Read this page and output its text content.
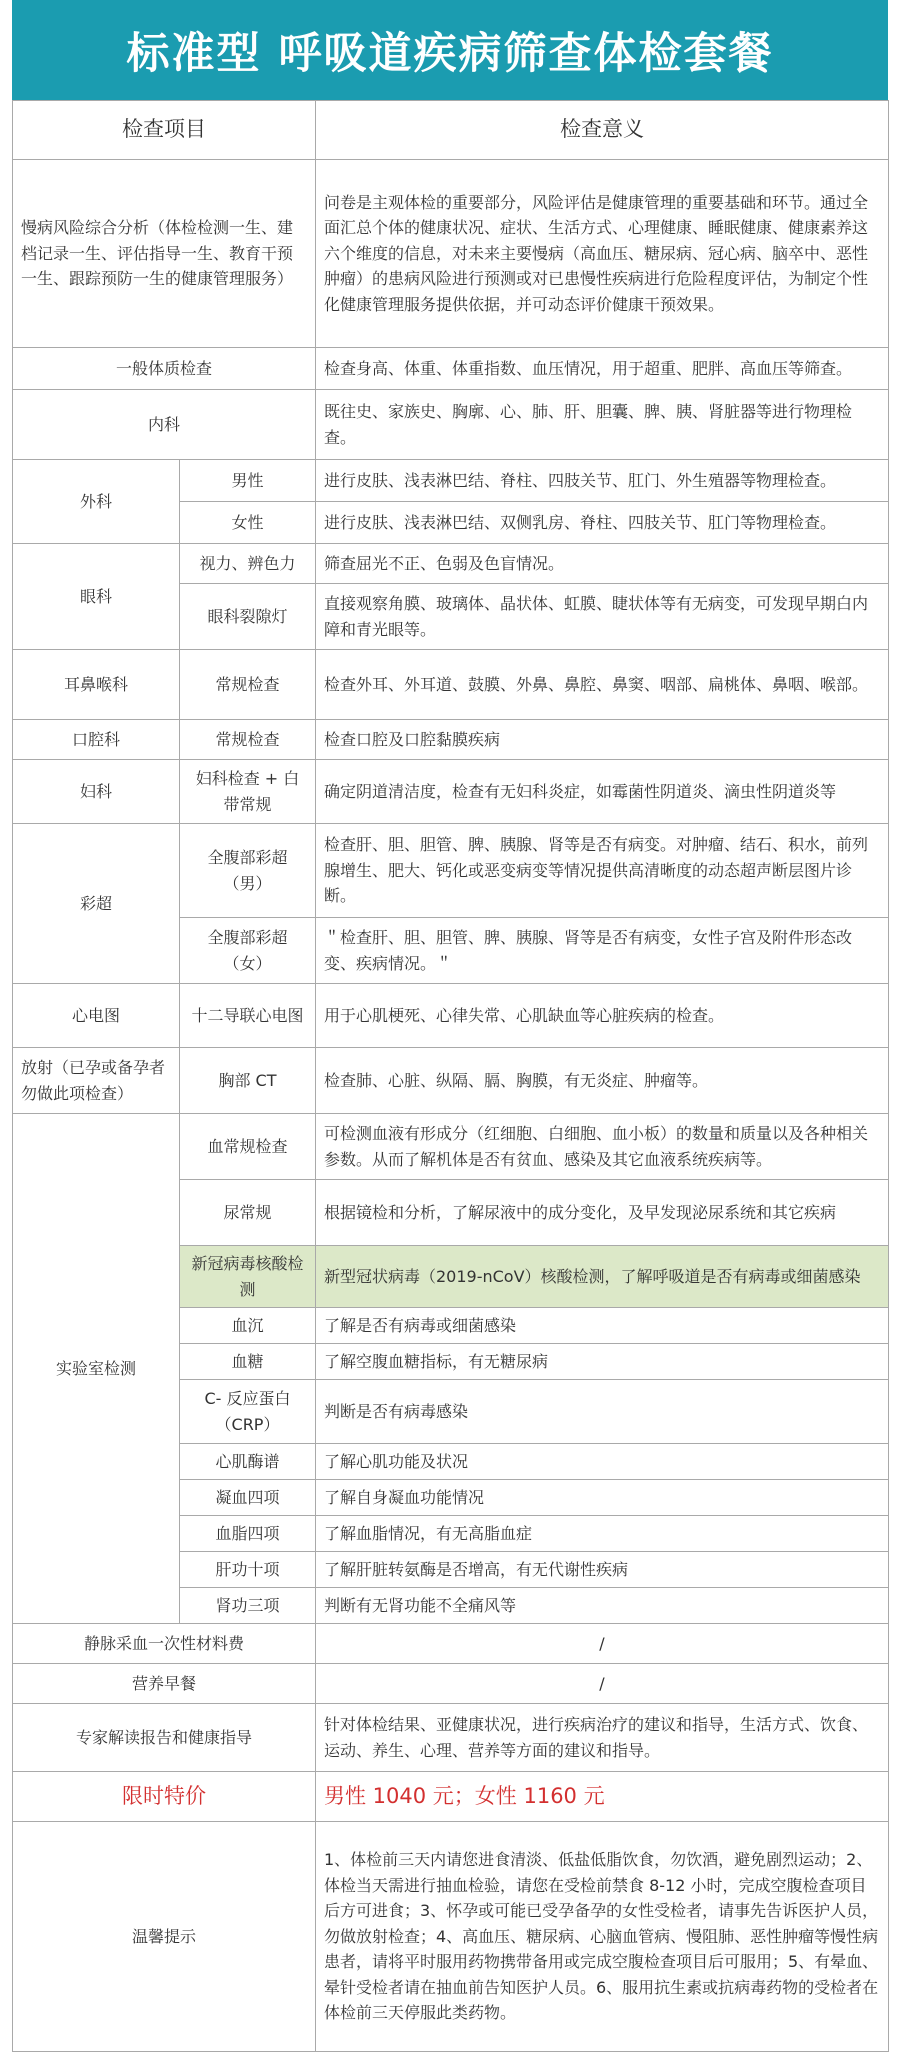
标准型 呼吸道疾病筛查体检套餐
检查项目		检查意义
慢病风险综合分析（体检检测一生、建档记录一生、评估指导一生、教育干预一生、跟踪预防一生的健康管理服务）		问卷是主观体检的重要部分，风险评估是健康管理的重要基础和环节。通过全面汇总个体的健康状况、症状、生活方式、心理健康、睡眠健康、健康素养这六个维度的信息，对未来主要慢病（高血压、糖尿病、冠心病、脑卒中、恶性肿瘤）的患病风险进行预测或对已患慢性疾病进行危险程度评估，为制定个性化健康管理服务提供依据，并可动态评价健康干预效果。
一般体质检查		检查身高、体重、体重指数、血压情况，用于超重、肥胖、高血压等筛查。
内科		既往史、家族史、胸廓、心、肺、肝、胆囊、脾、胰、肾脏器等进行物理检查。
外科	男性	进行皮肤、浅表淋巴结、脊柱、四肢关节、肛门、外生殖器等物理检查。
	女性	进行皮肤、浅表淋巴结、双侧乳房、脊柱、四肢关节、肛门等物理检查。
眼科	视力、辨色力	筛查屈光不正、色弱及色盲情况。
	眼科裂隙灯	直接观察角膜、玻璃体、晶状体、虹膜、睫状体等有无病变，可发现早期白内障和青光眼等。
耳鼻喉科	常规检查	检查外耳、外耳道、鼓膜、外鼻、鼻腔、鼻窦、咽部、扁桃体、鼻咽、喉部。
口腔科	常规检查	检查口腔及口腔黏膜疾病
妇科	妇科检查 + 白带常规	确定阴道清洁度，检查有无妇科炎症，如霉菌性阴道炎、滴虫性阴道炎等
彩超	全腹部彩超（男）	检查肝、胆、胆管、脾、胰腺、肾等是否有病变。对肿瘤、结石、积水，前列腺增生、肥大、钙化或恶变病变等情况提供高清晰度的动态超声断层图片诊断。
	全腹部彩超（女）	＂检查肝、胆、胆管、脾、胰腺、肾等是否有病变，女性子宫及附件形态改变、疾病情况。＂
心电图	十二导联心电图	用于心肌梗死、心律失常、心肌缺血等心脏疾病的检查。
放射（已孕或备孕者勿做此项检查）	胸部 CT	检查肺、心脏、纵隔、膈、胸膜，有无炎症、肿瘤等。
实验室检测	血常规检查	可检测血液有形成分（红细胞、白细胞、血小板）的数量和质量以及各种相关参数。从而了解机体是否有贫血、感染及其它血液系统疾病等。
	尿常规	根据镜检和分析，了解尿液中的成分变化，及早发现泌尿系统和其它疾病
	新冠病毒核酸检测	新型冠状病毒（2019-nCoV）核酸检测，了解呼吸道是否有病毒或细菌感染
	血沉	了解是否有病毒或细菌感染
	血糖	了解空腹血糖指标，有无糖尿病
	C- 反应蛋白（CRP）	判断是否有病毒感染
	心肌酶谱	了解心肌功能及状况
	凝血四项	了解自身凝血功能情况
	血脂四项	了解血脂情况，有无高脂血症
	肝功十项	了解肝脏转氨酶是否增高，有无代谢性疾病
	肾功三项	判断有无肾功能不全痛风等
静脉采血一次性材料费		/
营养早餐		/
专家解读报告和健康指导		针对体检结果、亚健康状况，进行疾病治疗的建议和指导，生活方式、饮食、运动、养生、心理、营养等方面的建议和指导。
限时特价		男性 1040 元；女性 1160 元
温馨提示		1、体检前三天内请您进食清淡、低盐低脂饮食，勿饮酒，避免剧烈运动；2、体检当天需进行抽血检验，请您在受检前禁食 8-12 小时，完成空腹检查项目后方可进食；3、怀孕或可能已受孕备孕的女性受检者，请事先告诉医护人员，勿做放射检查；4、高血压、糖尿病、心脑血管病、慢阻肺、恶性肿瘤等慢性病患者，请将平时服用药物携带备用或完成空腹检查项目后可服用；5、有晕血、晕针受检者请在抽血前告知医护人员。6、服用抗生素或抗病毒药物的受检者在体检前三天停服此类药物。
